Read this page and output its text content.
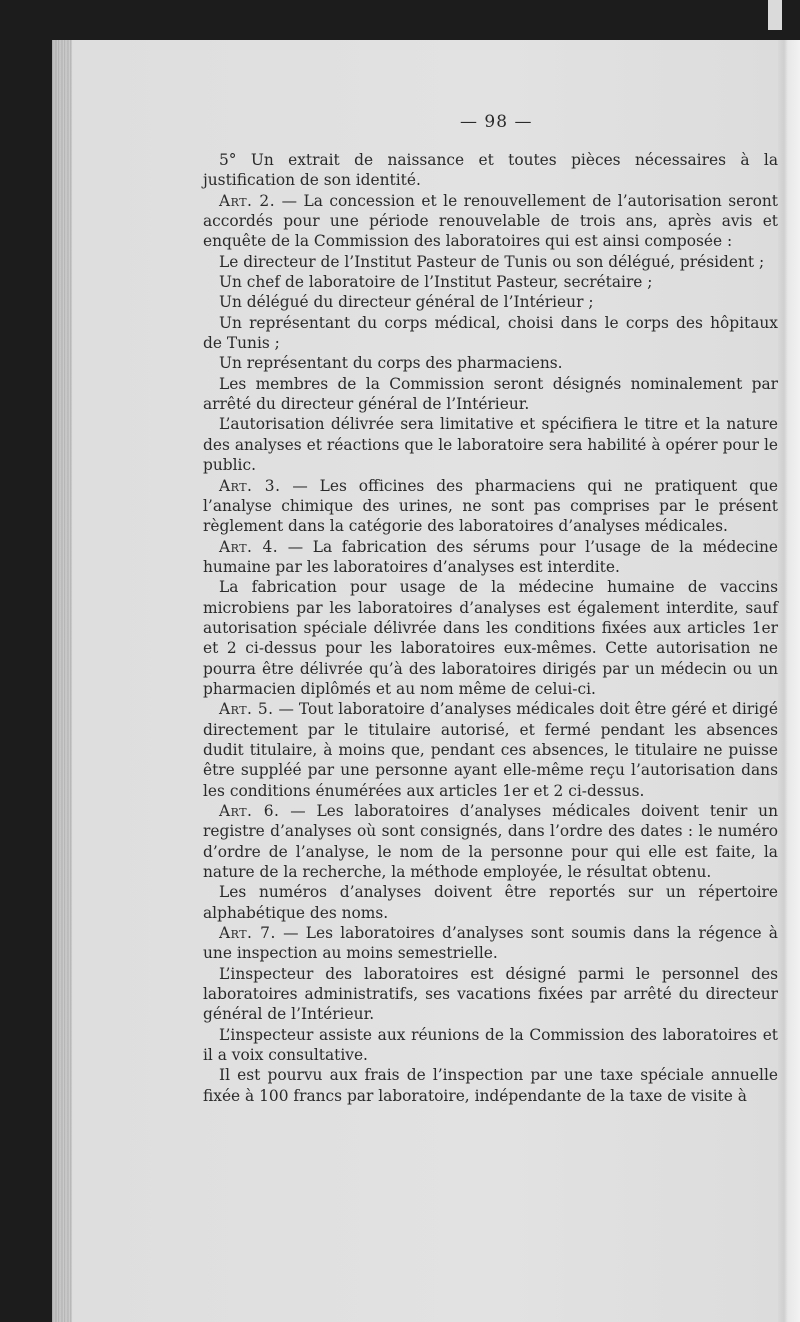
— 98 —

5° Un extrait de naissance et toutes pièces nécessaires à la justification de son identité.

Art. 2. — La concession et le renouvellement de l’autorisation seront accordés pour une période renouvelable de trois ans, après avis et enquête de la Commission des laboratoires qui est ainsi composée :

Le directeur de l’Institut Pasteur de Tunis ou son délégué, président ;

Un chef de laboratoire de l’Institut Pasteur, secrétaire ;

Un délégué du directeur général de l’Intérieur ;

Un représentant du corps médical, choisi dans le corps des hôpitaux de Tunis ;

Un représentant du corps des pharmaciens.

Les membres de la Commission seront désignés nominalement par arrêté du directeur général de l’Intérieur.

L’autorisation délivrée sera limitative et spécifiera le titre et la nature des analyses et réactions que le laboratoire sera habilité à opérer pour le public.

Art. 3. — Les officines des pharmaciens qui ne pratiquent que l’analyse chimique des urines, ne sont pas comprises par le présent règlement dans la catégorie des laboratoires d’analyses médicales.

Art. 4. — La fabrication des sérums pour l’usage de la médecine humaine par les laboratoires d’analyses est interdite.

La fabrication pour usage de la médecine humaine de vaccins microbiens par les laboratoires d’analyses est également interdite, sauf autorisation spéciale délivrée dans les conditions fixées aux articles 1er et 2 ci-dessus pour les laboratoires eux-mêmes. Cette autorisation ne pourra être délivrée qu’à des laboratoires dirigés par un médecin ou un pharmacien diplômés et au nom même de celui-ci.

Art. 5. — Tout laboratoire d’analyses médicales doit être géré et dirigé directement par le titulaire autorisé, et fermé pendant les absences dudit titulaire, à moins que, pendant ces absences, le titulaire ne puisse être suppléé par une personne ayant elle-même reçu l’autorisation dans les conditions énumérées aux articles 1er et 2 ci-dessus.

Art. 6. — Les laboratoires d’analyses médicales doivent tenir un registre d’analyses où sont consignés, dans l’ordre des dates : le numéro d’ordre de l’analyse, le nom de la personne pour qui elle est faite, la nature de la recherche, la méthode employée, le résultat obtenu.

Les numéros d’analyses doivent être reportés sur un répertoire alphabétique des noms.

Art. 7. — Les laboratoires d’analyses sont soumis dans la régence à une inspection au moins semestrielle.

L’inspecteur des laboratoires est désigné parmi le personnel des laboratoires administratifs, ses vacations fixées par arrêté du directeur général de l’Intérieur.

L’inspecteur assiste aux réunions de la Commission des laboratoires et il a voix consultative.

Il est pourvu aux frais de l’inspection par une taxe spéciale annuelle fixée à 100 francs par laboratoire, indépendante de la taxe de visite à
